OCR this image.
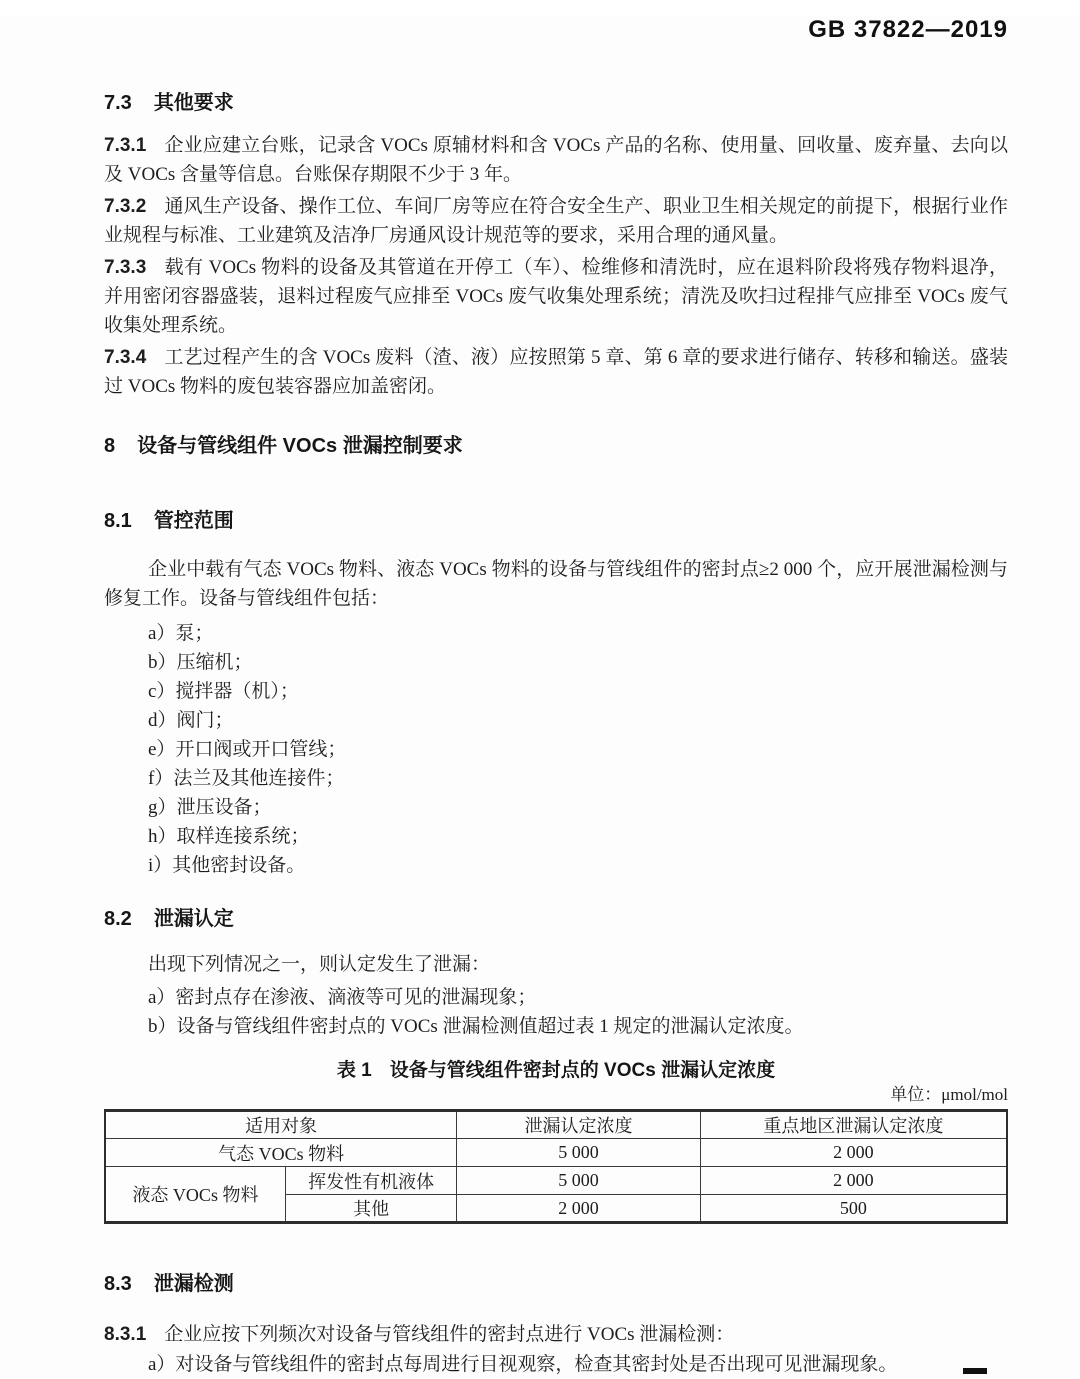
GB 37822—2019
7.3 其他要求

7.3.1 企业应建立台账，记录含 VOCs 原辅材料和含 VOCs 产品的名称、使用量、回收量、废弃量、去向以及 VOCs 含量等信息。台账保存期限不少于 3 年。

7.3.2 通风生产设备、操作工位、车间厂房等应在符合安全生产、职业卫生相关规定的前提下，根据行业作业规程与标准、工业建筑及洁净厂房通风设计规范等的要求，采用合理的通风量。

7.3.3 载有 VOCs 物料的设备及其管道在开停工（车）、检维修和清洗时，应在退料阶段将残存物料退净，并用密闭容器盛装，退料过程废气应排至 VOCs 废气收集处理系统；清洗及吹扫过程排气应排至 VOCs 废气收集处理系统。

7.3.4 工艺过程产生的含 VOCs 废料（渣、液）应按照第 5 章、第 6 章的要求进行储存、转移和输送。盛装过 VOCs 物料的废包装容器应加盖密闭。

8 设备与管线组件 VOCs 泄漏控制要求
8.1 管控范围

企业中载有气态 VOCs 物料、液态 VOCs 物料的设备与管线组件的密封点≥2 000 个，应开展泄漏检测与修复工作。设备与管线组件包括：

a）泵；

b）压缩机；

c）搅拌器（机）；

d）阀门；

e）开口阀或开口管线；

f）法兰及其他连接件；

g）泄压设备；

h）取样连接系统；

i）其他密封设备。

8.2 泄漏认定

出现下列情况之一，则认定发生了泄漏：

a）密封点存在渗液、滴液等可见的泄漏现象；

b）设备与管线组件密封点的 VOCs 泄漏检测值超过表 1 规定的泄漏认定浓度。

表 1 设备与管线组件密封点的 VOCs 泄漏认定浓度
单位：μmol/mol
适用对象		泄漏认定浓度	重点地区泄漏认定浓度
气态 VOCs 物料		5 000	2 000
液态 VOCs 物料	挥发性有机液体	5 000	2 000
	其他	2 000	500
8.3 泄漏检测

8.3.1 企业应按下列频次对设备与管线组件的密封点进行 VOCs 泄漏检测：

a）对设备与管线组件的密封点每周进行目视观察，检查其密封处是否出现可见泄漏现象。
